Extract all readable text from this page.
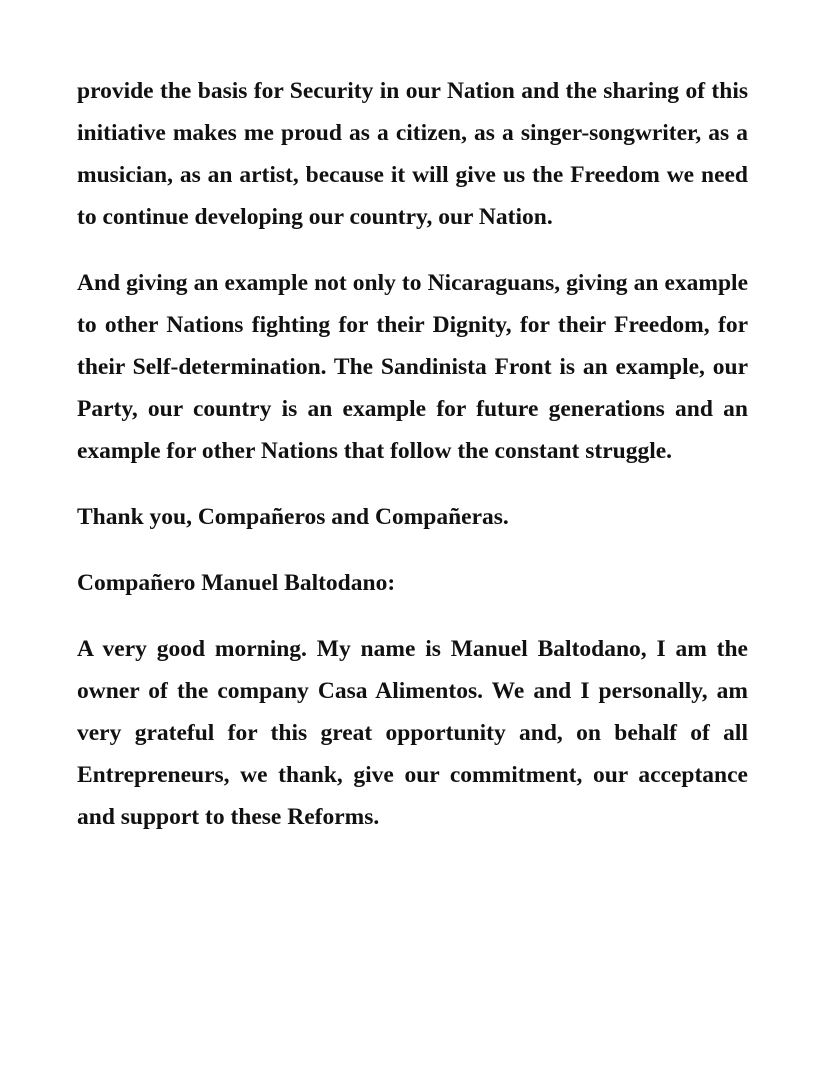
provide the basis for Security in our Nation and the sharing of this initiative makes me proud as a citizen, as a singer-songwriter, as a musician, as an artist, because it will give us the Freedom we need to continue developing our country, our Nation.

And giving an example not only to Nicaraguans, giving an example to other Nations fighting for their Dignity, for their Freedom, for their Self-determination. The Sandinista Front is an example, our Party, our country is an example for future generations and an example for other Nations that follow the constant struggle.

Thank you, Compañeros and Compañeras.

Compañero Manuel Baltodano:

A very good morning. My name is Manuel Baltodano, I am the owner of the company Casa Alimentos. We and I personally, am very grateful for this great opportunity and, on behalf of all Entrepreneurs, we thank, give our commitment, our acceptance and support to these Reforms.
